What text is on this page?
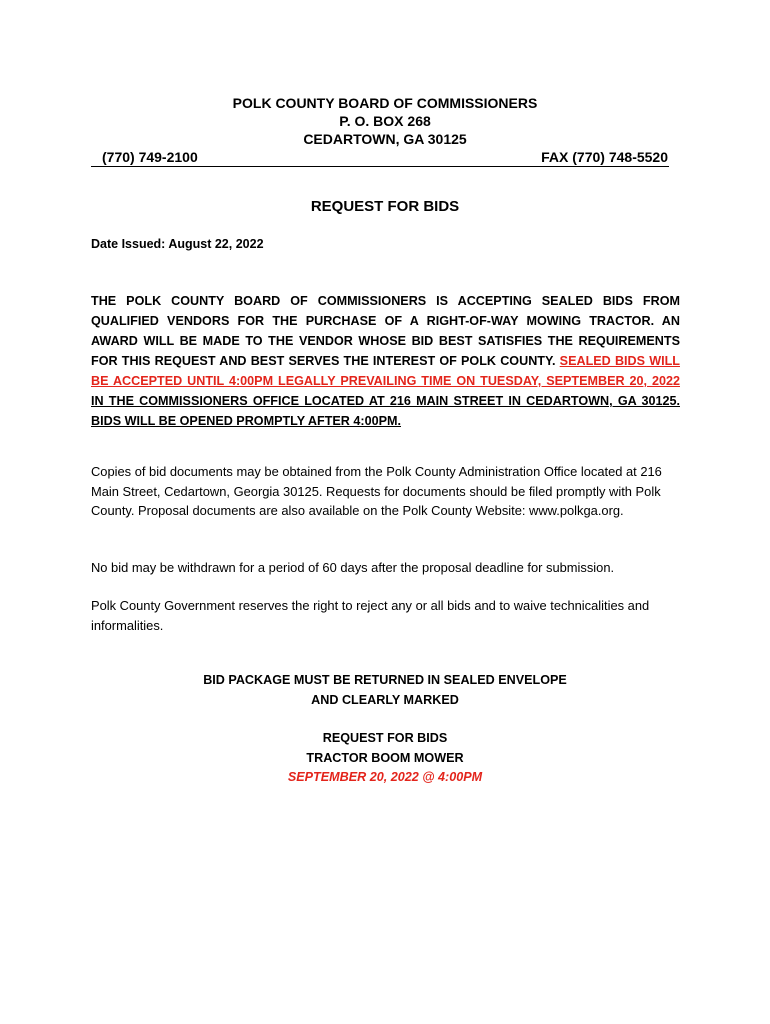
POLK COUNTY BOARD OF COMMISSIONERS
P. O. BOX 268
CEDARTOWN, GA 30125
(770) 749-2100	FAX (770) 748-5520
REQUEST FOR BIDS
Date Issued: August 22, 2022
THE POLK COUNTY BOARD OF COMMISSIONERS IS ACCEPTING SEALED BIDS FROM QUALIFIED VENDORS FOR THE PURCHASE OF A RIGHT-OF-WAY MOWING TRACTOR. AN AWARD WILL BE MADE TO THE VENDOR WHOSE BID BEST SATISFIES THE REQUIREMENTS FOR THIS REQUEST AND BEST SERVES THE INTEREST OF POLK COUNTY. SEALED BIDS WILL BE ACCEPTED UNTIL 4:00PM LEGALLY PREVAILING TIME ON TUESDAY, SEPTEMBER 20, 2022 IN THE COMMISSIONERS OFFICE LOCATED AT 216 MAIN STREET IN CEDARTOWN, GA 30125. BIDS WILL BE OPENED PROMPTLY AFTER 4:00PM.
Copies of bid documents may be obtained from the Polk County Administration Office located at 216 Main Street, Cedartown, Georgia 30125. Requests for documents should be filed promptly with Polk County. Proposal documents are also available on the Polk County Website: www.polkga.org.
No bid may be withdrawn for a period of 60 days after the proposal deadline for submission.
Polk County Government reserves the right to reject any or all bids and to waive technicalities and informalities.
BID PACKAGE MUST BE RETURNED IN SEALED ENVELOPE
AND CLEARLY MARKED
REQUEST FOR BIDS
TRACTOR BOOM MOWER
SEPTEMBER 20, 2022 @ 4:00PM
